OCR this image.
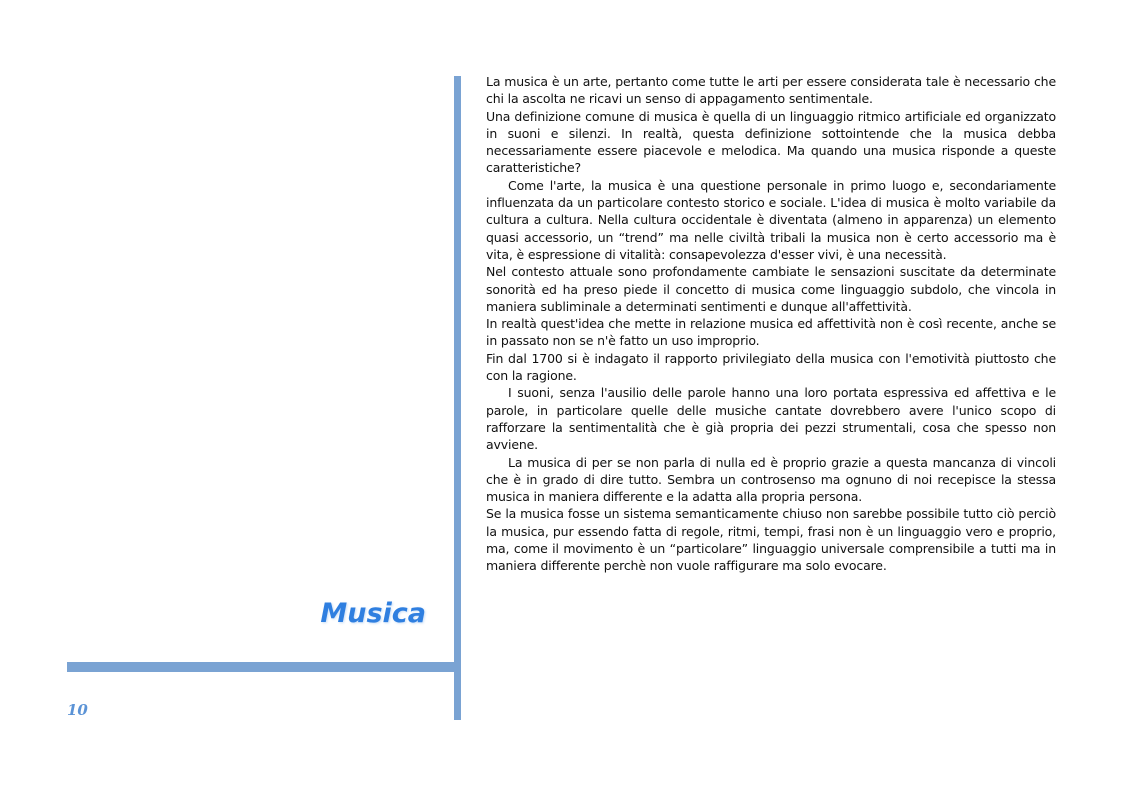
Musica
10

La musica è un arte, pertanto come tutte le arti per essere considerata tale è necessario che chi la ascolta ne ricavi un senso di appagamento sentimentale.

Una definizione comune di musica è quella di un linguaggio ritmico artificiale ed organizzato in suoni e silenzi. In realtà, questa definizione sottointende che la musica debba necessariamente essere piacevole e melodica. Ma quando una musica risponde a queste caratteristiche?

Come l'arte, la musica è una questione personale in primo luogo e, secondariamente influenzata da un particolare contesto storico e sociale. L'idea di musica è molto variabile da cultura a cultura. Nella cultura occidentale è diventata (almeno in apparenza) un elemento quasi accessorio, un “trend” ma nelle civiltà tribali la musica non è certo accessorio ma è vita, è espressione di vitalità: consapevolezza d'esser vivi, è una necessità.

Nel contesto attuale sono profondamente cambiate le sensazioni suscitate da determinate sonorità ed ha preso piede il concetto di musica come linguaggio subdolo, che vincola in maniera subliminale a determinati sentimenti e dunque all'affettività.

In realtà quest'idea che mette in relazione musica ed affettività non è così recente, anche se in passato non se n'è fatto un uso improprio.

Fin dal 1700 si è indagato il rapporto privilegiato della musica con l'emotività piuttosto che con la ragione.

I suoni, senza l'ausilio delle parole hanno una loro portata espressiva ed affettiva e le parole, in particolare quelle delle musiche cantate dovrebbero avere l'unico scopo di rafforzare la sentimentalità che è già propria dei pezzi strumentali, cosa che spesso non avviene.

La musica di per se non parla di nulla ed è proprio grazie a questa mancanza di vincoli che è in grado di dire tutto. Sembra un controsenso ma ognuno di noi recepisce la stessa musica in maniera differente e la adatta alla propria persona.

Se la musica fosse un sistema semanticamente chiuso non sarebbe possibile tutto ciò perciò la musica, pur essendo fatta di regole, ritmi, tempi, frasi non è un linguaggio vero e proprio, ma, come il movimento è un “particolare” linguaggio universale comprensibile a tutti ma in maniera differente perchè non vuole raffigurare ma solo evocare.
